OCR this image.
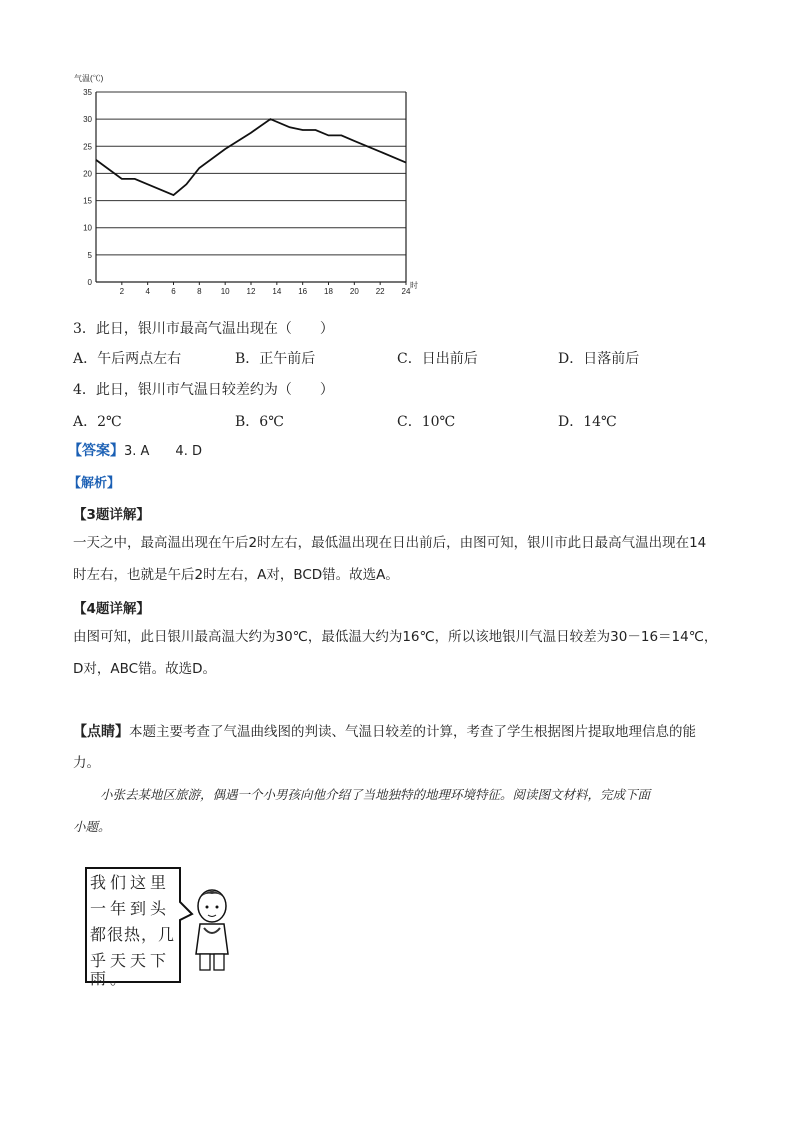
0
5
10
15
20
25
30
35
2	4	6	8 10 12 14 16 18 20 22 24
气温(℃)
时
3．此日，银川市最高气温出现在（　　）
A．午后两点左右	B．正午前后	C．日出前后	D．日落前后
4．此日，银川市气温日较差约为（　　）
A．2℃	B．6℃	C．10℃	D．14℃
【答案】3. A　　4. D
【解析】
【3题详解】
一天之中，最高温出现在午后2时左右，最低温出现在日出前后，由图可知，银川市此日最高气温出现在14
时左右，也就是午后2时左右，A对，BCD错。故选A。
【4题详解】
由图可知，此日银川最高温大约为30℃，最低温大约为16℃，所以该地银川气温日较差为30－16＝14℃，
D对，ABC错。故选D。
【点睛】本题主要考查了气温曲线图的判读、气温日较差的计算，考查了学生根据图片提取地理信息的能
力。
小张去某地区旅游，偶遇一个小男孩向他介绍了当地独特的地理环境特征。阅读图文材料，完成下面
小题。
我们这里
一年到头
都很热，几
乎天天下
雨。
